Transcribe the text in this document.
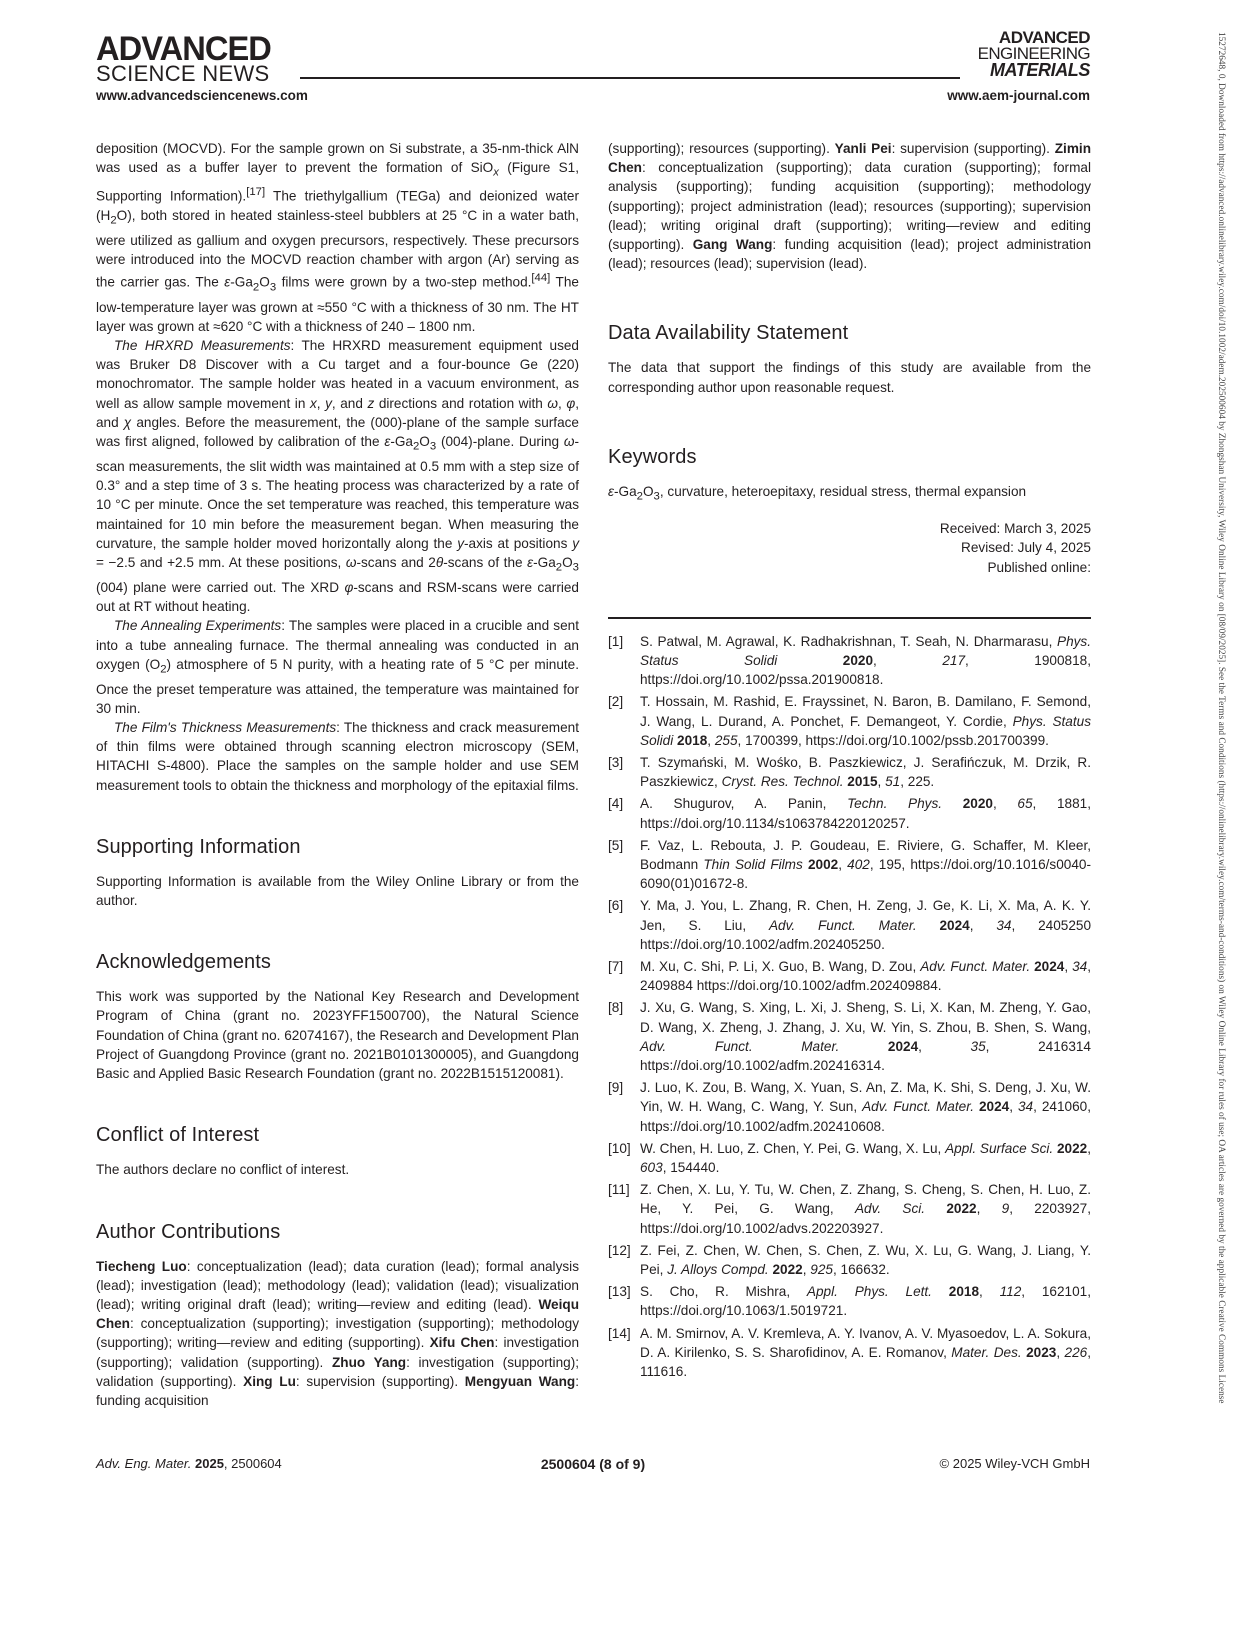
ADVANCED
SCIENCE NEWS
ADVANCED
ENGINEERING
MATERIALS
www.advancedsciencenews.com	www.aem-journal.com

deposition (MOCVD). For the sample grown on Si substrate, a 35-nm-thick AlN was used as a buffer layer to prevent the formation of SiO$_x$ (Figure S1, Supporting Information).[17] The triethylgallium (TEGa) and deionized water $(H_2O)$, both stored in heated stainless-steel bubblers at 25 °C in a water bath, were utilized as gallium and oxygen precursors, respectively. These precursors were introduced into the MOCVD reaction chamber with argon (Ar) serving as the carrier gas. The $\varepsilon-Ga_2O_3$ films were grown by a two-step method.[44] The low-temperature layer was grown at ≈550 °C with a thickness of 30 nm. The HT layer was grown at ≈620 °C with a thickness of 240 – 1800 nm.

The HRXRD Measurements: The HRXRD measurement equipment used was Bruker D8 Discover with a Cu target and a four-bounce Ge (220) monochromator. The sample holder was heated in a vacuum environment, as well as allow sample movement in x, y, and z directions and rotation with ω, φ, and χ angles. Before the measurement, the (000)-plane of the sample surface was first aligned, followed by calibration of the $\varepsilon-Ga_2O_3$ (004)-plane. During ω-scan measurements, the slit width was maintained at 0.5 mm with a step size of 0.3° and a step time of 3 s. The heating process was characterized by a rate of 10 °C per minute. Once the set temperature was reached, this temperature was maintained for 10 min before the measurement began. When measuring the curvature, the sample holder moved horizontally along the y-axis at positions y = −2.5 and +2.5 mm. At these positions, ω-scans and 2θ-scans of the $\varepsilon-Ga_2O_3$ (004) plane were carried out. The XRD φ-scans and RSM-scans were carried out at RT without heating.

The Annealing Experiments: The samples were placed in a crucible and sent into a tube annealing furnace. The thermal annealing was conducted in an oxygen $(O_2)$ atmosphere of 5 N purity, with a heating rate of 5 °C per minute. Once the preset temperature was attained, the temperature was maintained for 30 min.

The Film's Thickness Measurements: The thickness and crack measurement of thin films were obtained through scanning electron microscopy (SEM, HITACHI S-4800). Place the samples on the sample holder and use SEM measurement tools to obtain the thickness and morphology of the epitaxial films.

Supporting Information

Supporting Information is available from the Wiley Online Library or from the author.

Acknowledgements

This work was supported by the National Key Research and Development Program of China (grant no. 2023YFF1500700), the Natural Science Foundation of China (grant no. 62074167), the Research and Development Plan Project of Guangdong Province (grant no. 2021B0101300005), and Guangdong Basic and Applied Basic Research Foundation (grant no. 2022B1515120081).

Conflict of Interest

The authors declare no conflict of interest.

Author Contributions

Tiecheng Luo: conceptualization (lead); data curation (lead); formal analysis (lead); investigation (lead); methodology (lead); validation (lead); visualization (lead); writing original draft (lead); writing—review and editing (lead). Weiqu Chen: conceptualization (supporting); investigation (supporting); methodology (supporting); writing—review and editing (supporting). Xifu Chen: investigation (supporting); validation (supporting). Zhuo Yang: investigation (supporting); validation (supporting). Xing Lu: supervision (supporting). Mengyuan Wang: funding acquisition

(supporting); resources (supporting). Yanli Pei: supervision (supporting). Zimin Chen: conceptualization (supporting); data curation (supporting); formal analysis (supporting); funding acquisition (supporting); methodology (supporting); project administration (lead); resources (supporting); supervision (lead); writing original draft (supporting); writing—review and editing (supporting). Gang Wang: funding acquisition (lead); project administration (lead); resources (lead); supervision (lead).

Data Availability Statement

The data that support the findings of this study are available from the corresponding author upon reasonable request.

Keywords

$\varepsilon-Ga_2O_3$, curvature, heteroepitaxy, residual stress, thermal expansion

Received: March 3, 2025
Revised: July 4, 2025
Published online:
[1]	S. Patwal, M. Agrawal, K. Radhakrishnan, T. Seah, N. Dharmarasu, Phys. Status Solidi	2020, 217, 1900818, https://doi.org/10.1002/pssa.201900818.
[2]	T. Hossain, M. Rashid, E. Frayssinet, N. Baron, B. Damilano, F. Semond, J. Wang, L. Durand, A. Ponchet, F. Demangeot, Y. Cordie, Phys. Status Solidi 2018, 255, 1700399, https://doi.org/10.1002/pssb.201700399.
[3]	T. Szymański, M. Wośko, B. Paszkiewicz, J. Serafińczuk, M. Drzik, R. Paszkiewicz, Cryst. Res. Technol. 2015, 51, 225.
[4]	A. Shugurov, A. Panin, Techn. Phys. 2020, 65, 1881, https://doi.org/10.1134/s1063784220120257.
[5]	F. Vaz, L. Rebouta, J. P. Goudeau, E. Riviere, G. Schaffer, M. Kleer, Bodmann Thin Solid Films 2002, 402, 195, https://doi.org/10.1016/s0040-6090(01)01672-8.
[6]	Y. Ma, J. You, L. Zhang, R. Chen, H. Zeng, J. Ge, K. Li, X. Ma, A. K. Y. Jen, S. Liu, Adv. Funct. Mater. 2024, 34, 2405250 https://doi.org/10.1002/adfm.202405250.
[7]	M. Xu, C. Shi, P. Li, X. Guo, B. Wang, D. Zou, Adv. Funct. Mater. 2024, 34, 2409884 https://doi.org/10.1002/adfm.202409884.
[8]	J. Xu, G. Wang, S. Xing, L. Xi, J. Sheng, S. Li, X. Kan, M. Zheng, Y. Gao, D. Wang, X. Zheng, J. Zhang, J. Xu, W. Yin, S. Zhou, B. Shen, S. Wang, Adv. Funct. Mater.	2024, 35, 2416314 https://doi.org/10.1002/adfm.202416314.
[9]	J. Luo, K. Zou, B. Wang, X. Yuan, S. An, Z. Ma, K. Shi, S. Deng, J. Xu, W. Yin, W. H. Wang, C. Wang, Y. Sun, Adv. Funct. Mater. 2024, 34, 241060, https://doi.org/10.1002/adfm.202410608.
[10] W. Chen, H. Luo, Z. Chen, Y. Pei, G. Wang, X. Lu, Appl. Surface Sci. 2022, 603, 154440.
[11] Z. Chen, X. Lu, Y. Tu, W. Chen, Z. Zhang, S. Cheng, S. Chen, H. Luo, Z. He, Y. Pei, G. Wang, Adv. Sci. 2022, 9, 2203927, https://doi.org/10.1002/advs.202203927.
[12] Z. Fei, Z. Chen, W. Chen, S. Chen, Z. Wu, X. Lu, G. Wang, J. Liang, Y. Pei, J. Alloys Compd. 2022, 925, 166632.
[13] S. Cho, R. Mishra, Appl. Phys. Lett. 2018, 112, 162101, https://doi.org/10.1063/1.5019721.
[14] A. M. Smirnov, A. V. Kremleva, A. Y. Ivanov, A. V. Myasoedov, L. A. Sokura, D. A. Kirilenko, S. S. Sharofidinov, A. E. Romanov, Mater. Des. 2023, 226, 111616.
Adv. Eng. Mater. 2025, 2500604	2500604 (8 of 9)	© 2025 Wiley-VCH GmbH
15272648, 0, Downloaded from https://advanced.onlinelibrary.wiley.com/doi/10.1002/adem.202500604 by Zhongshan University, Wiley Online Library on [08/09/2025]. See the Terms and Conditions (https://onlinelibrary.wiley.com/terms-and-conditions) on Wiley Online Library for rules of use; OA articles are governed by the applicable Creative Commons License
